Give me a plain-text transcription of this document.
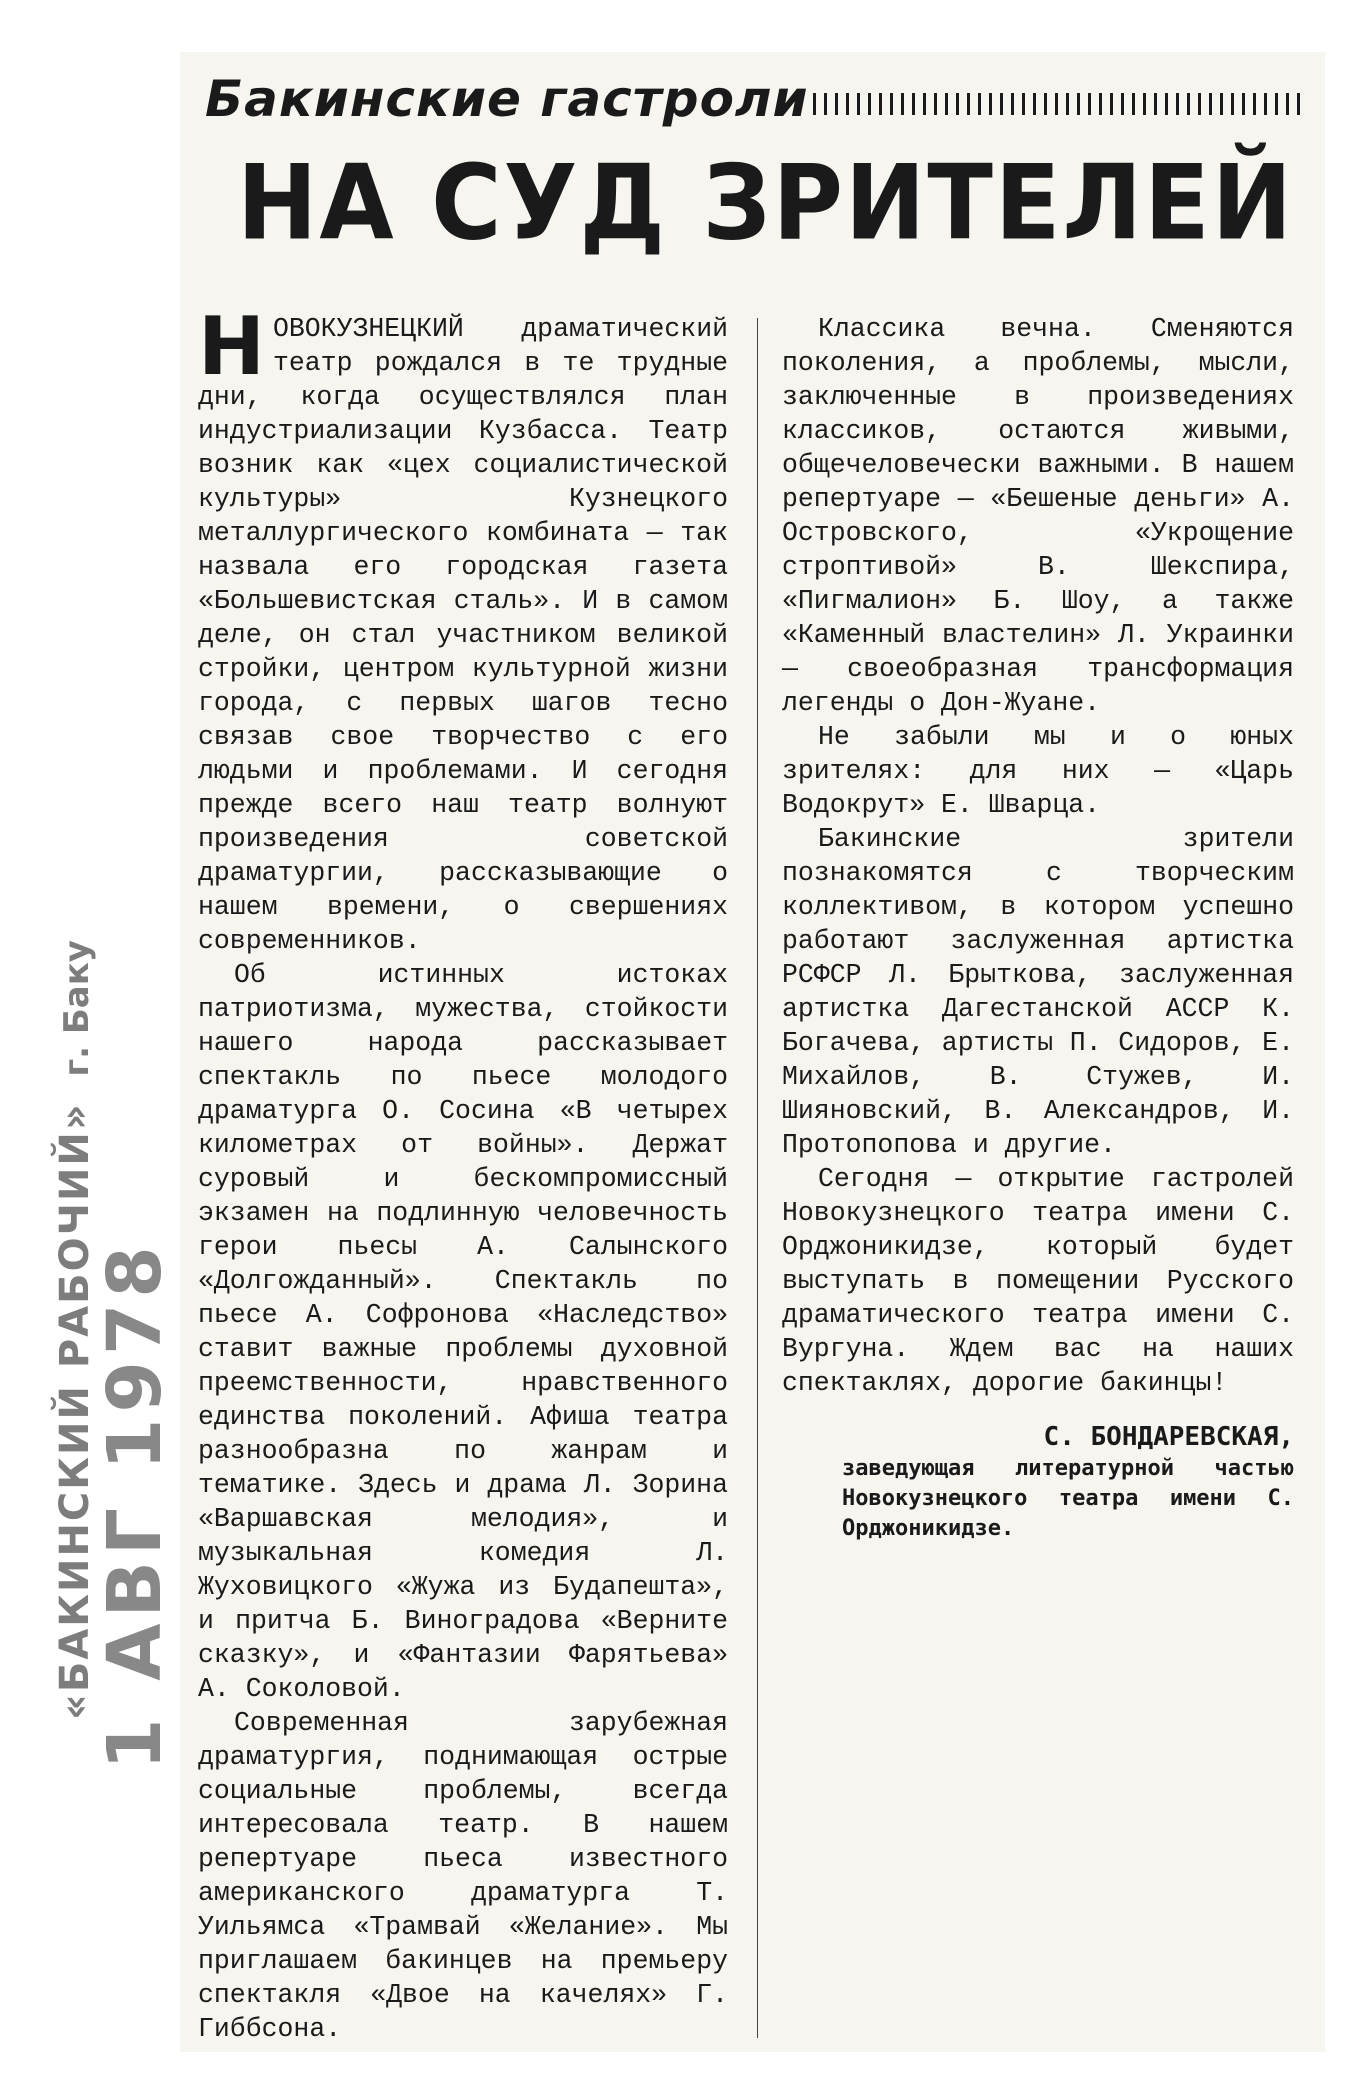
«БАКИНСКИЙ РАБОЧИЙ» г. Баку
1 АВГ 1978
Бакинские гастроли
НА СУД ЗРИТЕЛЕЙ

НОВОКУЗНЕЦКИЙ драматический театр рождался в те трудные дни, когда осуществлялся план индустриализации Кузбасса. Театр возник как «цех социалистической культуры» Кузнецкого металлургического комбината — так назвала его городская газета «Большевистская сталь». И в самом деле, он стал участником великой стройки, центром культурной жизни города, с первых шагов тесно связав свое творчество с его людьми и проблемами. И сегодня прежде всего наш театр волнуют произведения советской драматургии, рассказывающие о нашем времени, о свершениях современников.

Об истинных истоках патриотизма, мужества, стойкости нашего народа рассказывает спектакль по пьесе молодого драматурга О. Сосина «В четырех километрах от войны». Держат суровый и бескомпромиссный экзамен на подлинную человечность герои пьесы А. Салынского «Долгожданный». Спектакль по пьесе А. Софронова «Наследство» ставит важные проблемы духовной преемственности, нравственного единства поколений. Афиша театра разнообразна по жанрам и тематике. Здесь и драма Л. Зорина «Варшавская мелодия», и музыкальная комедия Л. Жуховицкого «Жужа из Будапешта», и притча Б. Виноградова «Верните сказку», и «Фантазии Фарятьева» А. Соколовой.

Современная зарубежная драматургия, поднимающая острые социальные проблемы, всегда интересовала театр. В нашем репертуаре пьеса известного американского драматурга Т. Уильямса «Трамвай «Желание». Мы приглашаем бакинцев на премьеру спектакля «Двое на качелях» Г. Гиббсона.

Классика вечна. Сменяются поколения, а проблемы, мысли, заключенные в произведениях классиков, остаются живыми, общечеловечески важными. В нашем репертуаре — «Бешеные деньги» А. Островского, «Укрощение строптивой» В. Шекспира, «Пигмалион» Б. Шоу, а также «Каменный властелин» Л. Украинки — своеобразная трансформация легенды о Дон-Жуане.

Не забыли мы и о юных зрителях: для них — «Царь Водокрут» Е. Шварца.

Бакинские зрители познакомятся с творческим коллективом, в котором успешно работают заслуженная артистка РСФСР Л. Брыткова, заслуженная артистка Дагестанской АССР К. Богачева, артисты П. Сидоров, Е. Михайлов, В. Стужев, И. Шияновский, В. Александров, И. Протопопова и другие.

Сегодня — открытие гастролей Новокузнецкого театра имени С. Орджоникидзе, который будет выступать в помещении Русского драматического театра имени С. Вургуна. Ждем вас на наших спектаклях, дорогие бакинцы!

С. БОНДАРЕВСКАЯ,
заведующая литературной частью Новокузнецкого театра имени С. Орджоникидзе.
